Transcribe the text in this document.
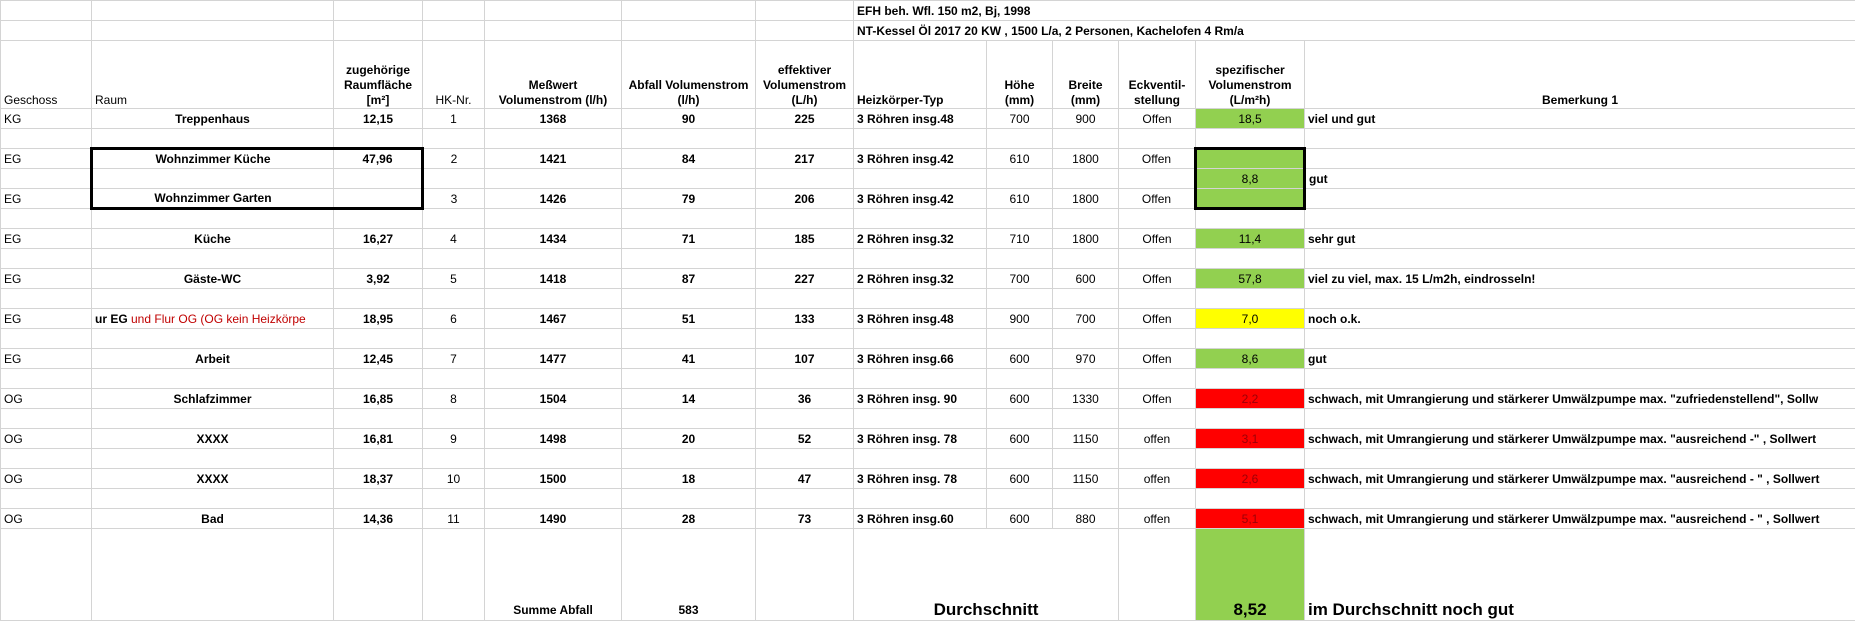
							EFH beh. Wfl. 150 m2, Bj, 1998					
							NT-Kessel Öl 2017 20 KW , 1500 L/a, 2 Personen, Kachelofen 4 Rm/a					
Geschoss	Raum	zugehörige Raumfläche [m²]	HK-Nr.	Meßwert Volumenstrom (l/h)	Abfall Volumenstrom (l/h)	effektiver Volumenstrom (L/h)	Heizkörper-Typ	Höhe (mm)	Breite (mm)	Eckventil-stellung	spezifischer Volumenstrom (L/m²h)	Bemerkung 1
KG	Treppenhaus	12,15	1	1368	90	225	3 Röhren insg.48	700	900	Offen	18,5	viel und gut

EG	Wohnzimmer Küche	47,96	2	1421	84	217	3 Röhren insg.42	610	1800	Offen		
											8,8	gut
EG	Wohnzimmer Garten		3	1426	79	206	3 Röhren insg.42	610	1800	Offen		

EG	Küche	16,27	4	1434	71	185	2 Röhren insg.32	710	1800	Offen	11,4	sehr gut

EG	Gäste-WC	3,92	5	1418	87	227	2 Röhren insg.32	700	600	Offen	57,8	viel zu viel, max. 15 L/m2h, eindrosseln!

EG	ur EG und Flur OG (OG kein Heizkörpe	18,95	6	1467	51	133	3 Röhren insg.48	900	700	Offen	7,0	noch o.k.

EG	Arbeit	12,45	7	1477	41	107	3 Röhren insg.66	600	970	Offen	8,6	gut

OG	Schlafzimmer	16,85	8	1504	14	36	3 Röhren insg. 90	600	1330	Offen	2,2	schwach, mit Umrangierung und stärkerer Umwälzpumpe max. "zufriedenstellend", Sollw

OG	XXXX	16,81	9	1498	20	52	3 Röhren insg. 78	600	1150	offen	3,1	schwach, mit Umrangierung und stärkerer Umwälzpumpe max. "ausreichend -" , Sollwert

OG	XXXX	18,37	10	1500	18	47	3 Röhren insg. 78	600	1150	offen	2,6	schwach, mit Umrangierung und stärkerer Umwälzpumpe max. "ausreichend - " , Sollwert

OG	Bad	14,36	11	1490	28	73	3 Röhren insg.60	600	880	offen	5,1	schwach, mit Umrangierung und stärkerer Umwälzpumpe max. "ausreichend - " , Sollwert
				Summe Abfall	583		Durchschnitt				8,52	im Durchschnitt noch gut
